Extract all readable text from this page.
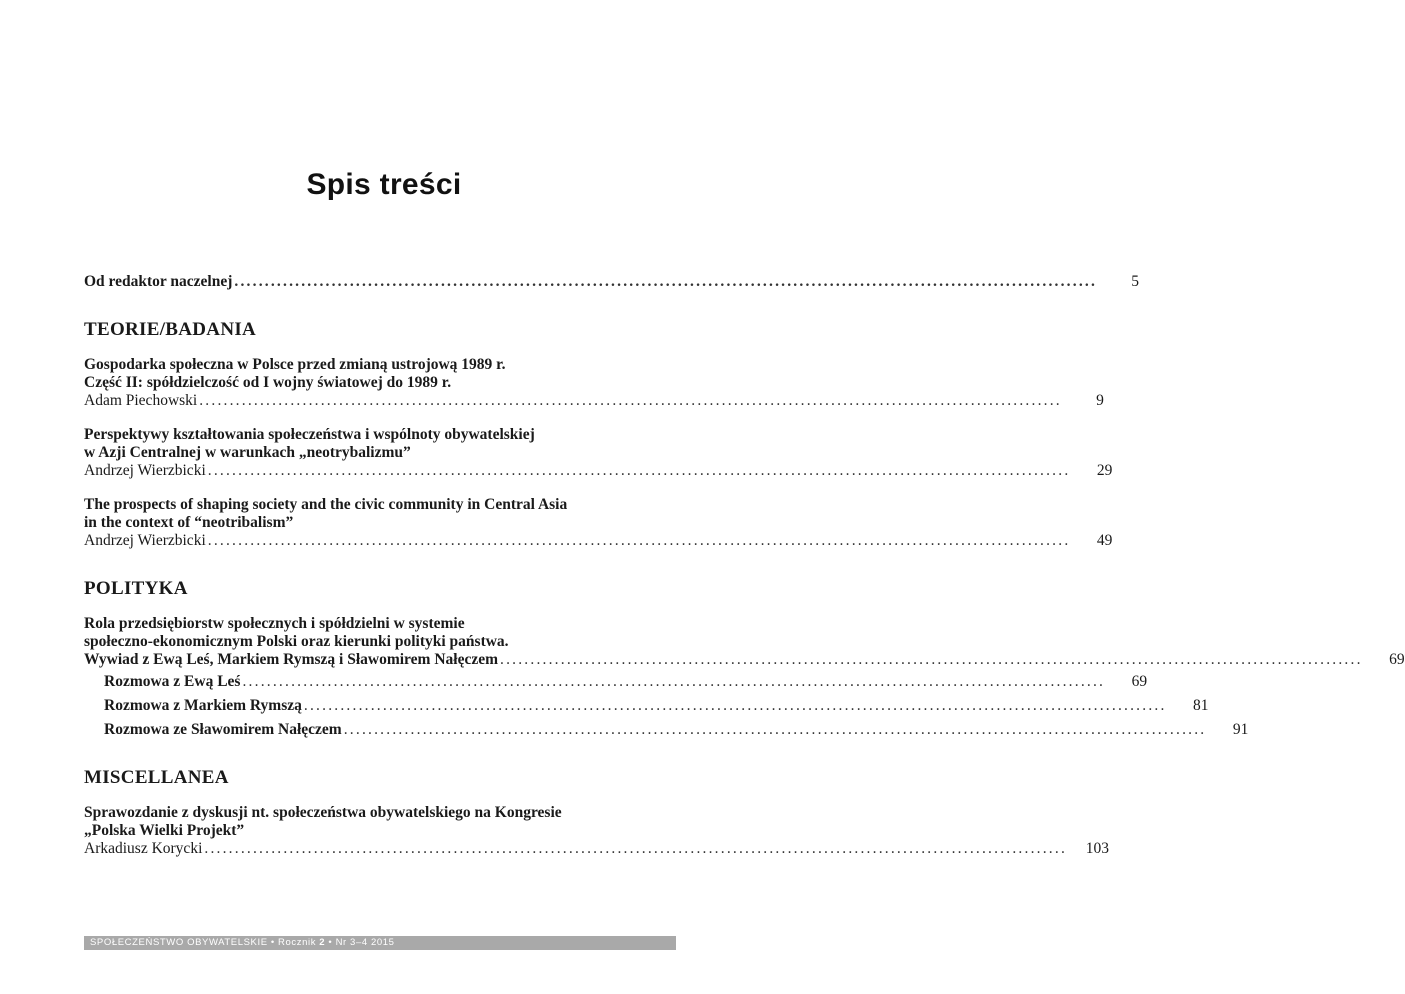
Spis treści
Od redaktor naczelnej ..............................................................................................................................................	5
TEORIE/BADANIA
Gospodarka społeczna w Polsce przed zmianą ustrojową 1989 r.
Część II: spółdzielczość od I wojny światowej do 1989 r.
Adam Piechowski ..............................................................................................................................................	9
Perspektywy kształtowania społeczeństwa i wspólnoty obywatelskiej
w Azji Centralnej w warunkach „neotrybalizmu”
Andrzej Wierzbicki ..............................................................................................................................................	29
The prospects of shaping society and the civic community in Central Asia
in the context of “neotribalism”
Andrzej Wierzbicki ..............................................................................................................................................	49
POLITYKA
Rola przedsiębiorstw społecznych i spółdzielni w systemie
społeczno-ekonomicznym Polski oraz kierunki polityki państwa.
Wywiad z Ewą Leś, Markiem Rymszą i Sławomirem Nałęczem ..............................................................................................................................................	69
Rozmowa z Ewą Leś ..............................................................................................................................................	69
Rozmowa z Markiem Rymszą ..............................................................................................................................................	81
Rozmowa ze Sławomirem Nałęczem ..............................................................................................................................................	91
MISCELLANEA
Sprawozdanie z dyskusji nt. społeczeństwa obywatelskiego na Kongresie
„Polska Wielki Projekt”
Arkadiusz Korycki ..............................................................................................................................................	103
SPOŁECZEŃSTWO OBYWATELSKIE • Rocznik 2 • Nr 3–4 2015
